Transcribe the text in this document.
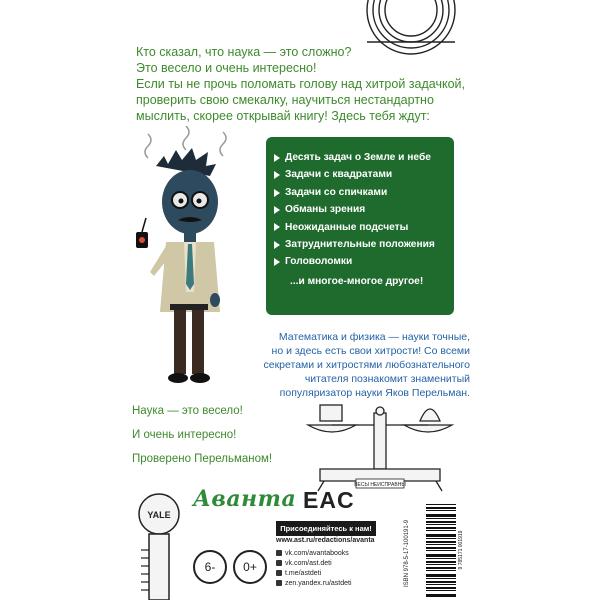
Кто сказал, что наука — это сложно?
Это весело и очень интересно!
Если ты не прочь поломать голову над хитрой задачкой,
проверить свою смекалку, научиться нестандартно
мыслить, скорее открывай книгу! Здесь тебя ждут:
Десять задач о Земле и небе
Задачи с квадратами
Задачи со спичками
Обманы зрения
Неожиданные подсчеты
Затруднительные положения
Головоломки
...и многое-многое другое!
Математика и физика — науки точные,
но и здесь есть свои хитрости! Со всеми
секретами и хитростями любознательного
читателя познакомит знаменитый
популяризатор науки Яков Перельман.
Наука — это весело!
И очень интересно!
Проверено Перельманом!
ВЕСЫ НЕИСПРАВНЫ
YALE
Аванта EAC
6-	0+
Присоединяйтесь к нам!
www.ast.ru/redactions/avanta
vk.com/avantabooks
vk.com/ast.deti
t.me/astdeti
zen.yandex.ru/astdeti
9 785171 001919
ISBN 978-5-17-100191-9
